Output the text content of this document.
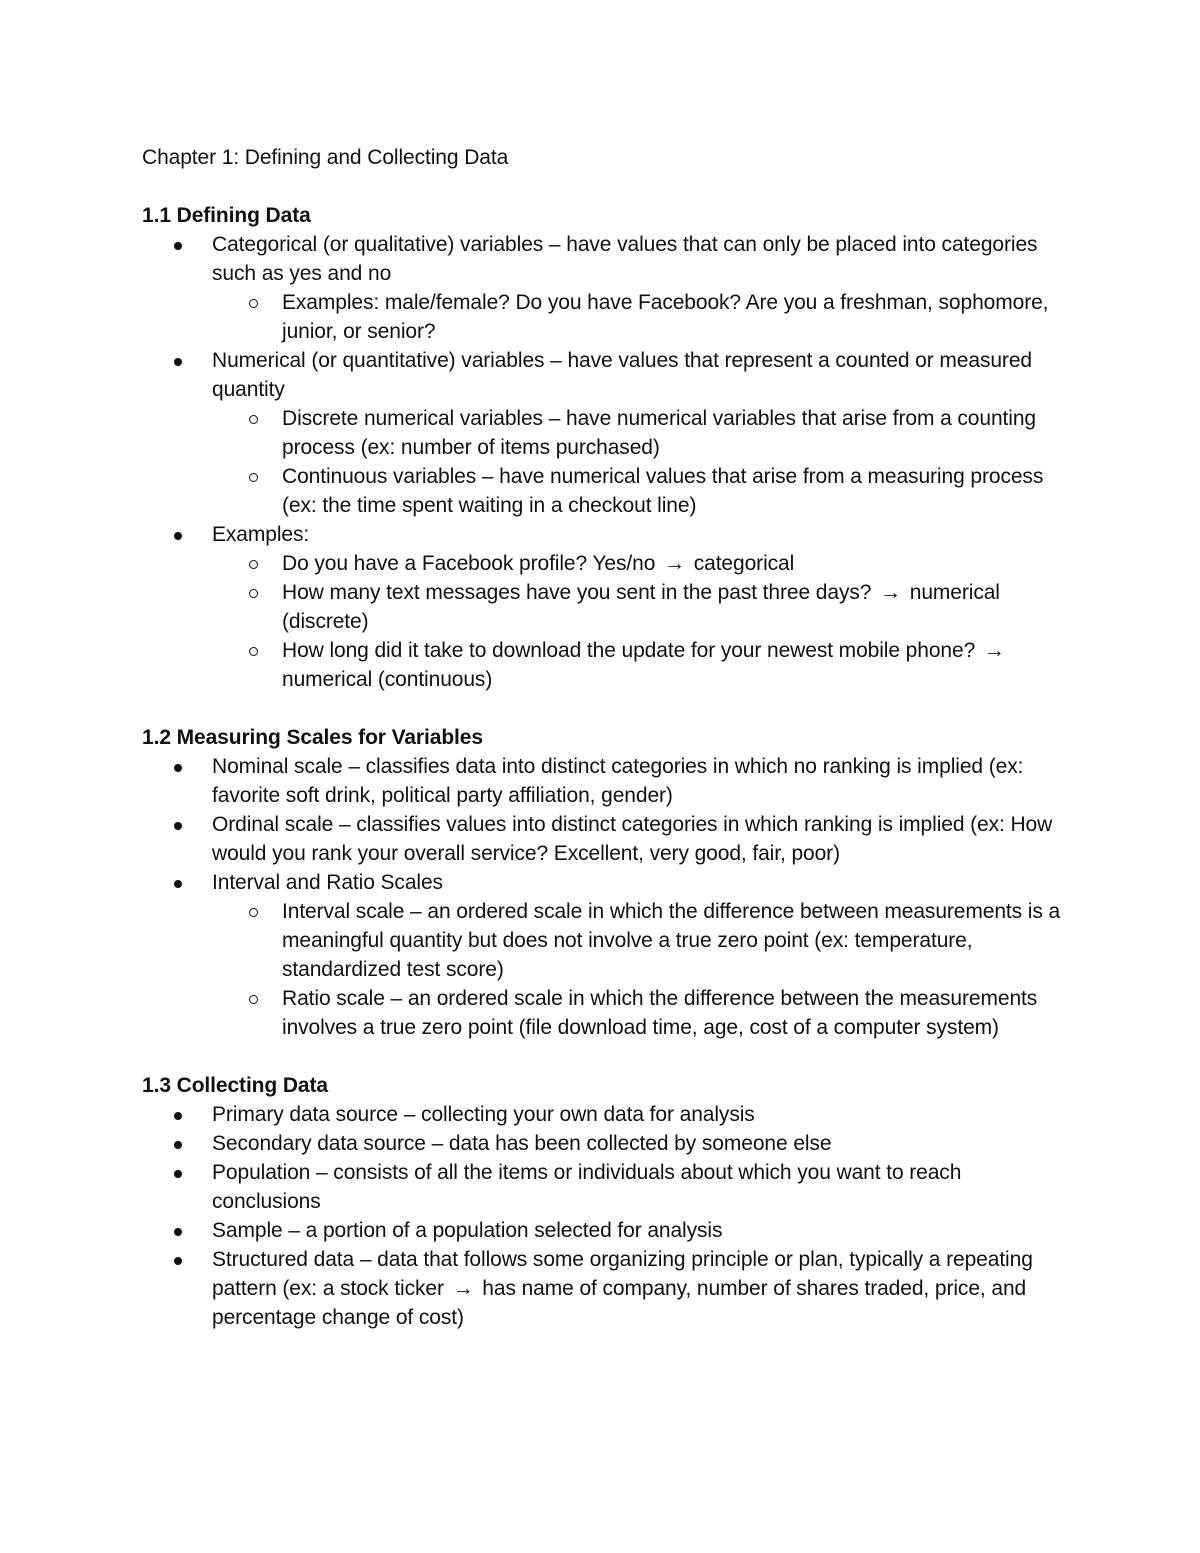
Chapter 1: Defining and Collecting Data
1.1 Defining Data
Categorical (or qualitative) variables – have values that can only be placed into categories such as yes and no
Examples: male/female? Do you have Facebook? Are you a freshman, sophomore, junior, or senior?
Numerical (or quantitative) variables – have values that represent a counted or measured quantity
Discrete numerical variables – have numerical variables that arise from a counting process (ex: number of items purchased)
Continuous variables – have numerical values that arise from a measuring process (ex: the time spent waiting in a checkout line)
Examples:
Do you have a Facebook profile? Yes/no → categorical
How many text messages have you sent in the past three days? → numerical (discrete)
How long did it take to download the update for your newest mobile phone? → numerical (continuous)
1.2 Measuring Scales for Variables
Nominal scale – classifies data into distinct categories in which no ranking is implied (ex: favorite soft drink, political party affiliation, gender)
Ordinal scale – classifies values into distinct categories in which ranking is implied (ex: How would you rank your overall service? Excellent, very good, fair, poor)
Interval and Ratio Scales
Interval scale – an ordered scale in which the difference between measurements is a meaningful quantity but does not involve a true zero point (ex: temperature, standardized test score)
Ratio scale – an ordered scale in which the difference between the measurements involves a true zero point (file download time, age, cost of a computer system)
1.3 Collecting Data
Primary data source – collecting your own data for analysis
Secondary data source – data has been collected by someone else
Population – consists of all the items or individuals about which you want to reach conclusions
Sample – a portion of a population selected for analysis
Structured data – data that follows some organizing principle or plan, typically a repeating pattern (ex: a stock ticker → has name of company, number of shares traded, price, and percentage change of cost)
